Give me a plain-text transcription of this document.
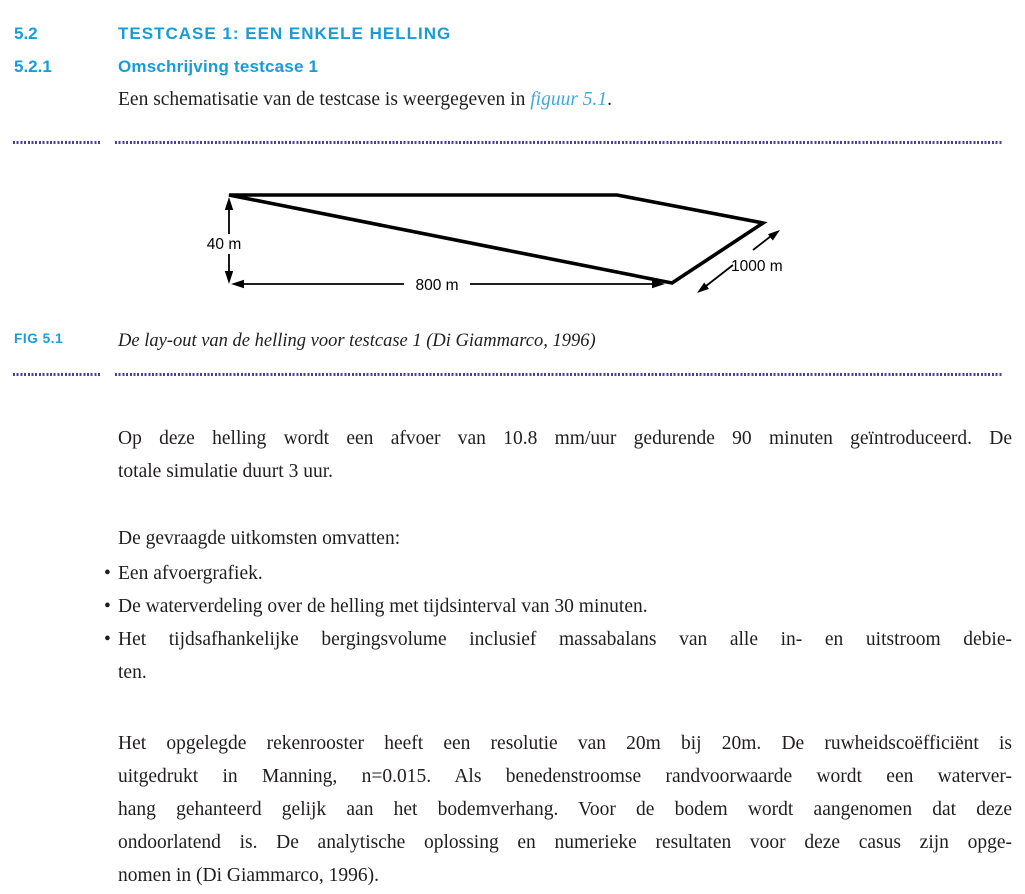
5.2	TESTCASE 1: EEN ENKELE HELLING
5.2.1	Omschrijving testcase 1
Een schematisatie van de testcase is weergegeven in figuur 5.1.
40 m
800 m
1000 m
FIG 5.1	De lay-out van de helling voor testcase 1 (Di Giammarco, 1996)
Op deze helling wordt een afvoer van 10.8 mm/uur gedurende 90 minuten geïntroduceerd. De
totale simulatie duurt 3 uur.
De gevraagde uitkomsten omvatten:
• Een afvoergrafiek.
• De waterverdeling over de helling met tijdsinterval van 30 minuten.
• Het tijdsafhankelijke bergingsvolume inclusief massabalans van alle in- en uitstroom debie-
ten.
Het opgelegde rekenrooster heeft een resolutie van 20m bij 20m. De ruwheidscoëfficiënt is
uitgedrukt in Manning, n=0.015. Als benedenstroomse randvoorwaarde wordt een waterver-
hang gehanteerd gelijk aan het bodemverhang. Voor de bodem wordt aangenomen dat deze
ondoorlatend is. De analytische oplossing en numerieke resultaten voor deze casus zijn opge-
nomen in (Di Giammarco, 1996).
